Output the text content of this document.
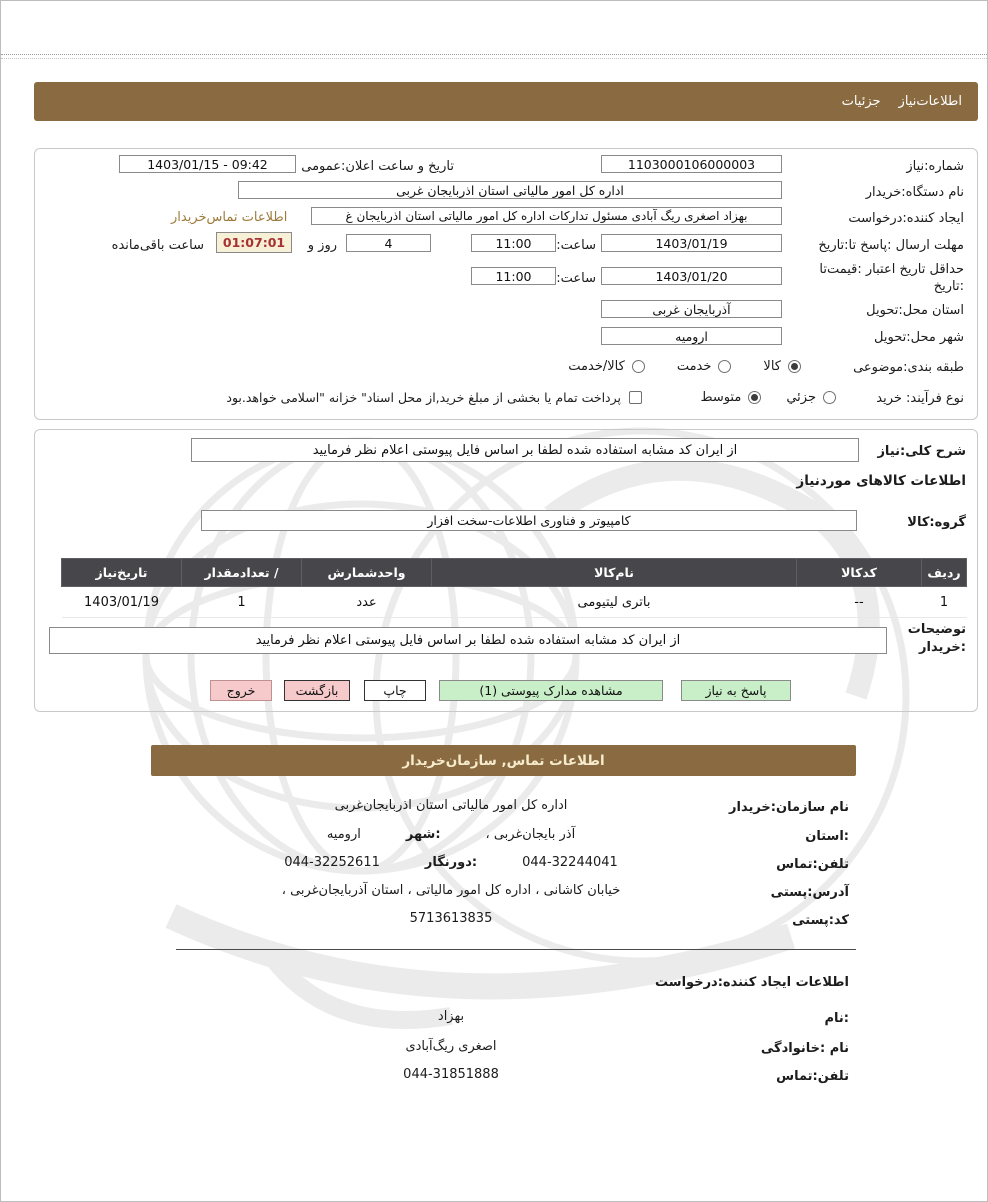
اطلاعات‌نیاز
جزئیات
شماره:نیاز
1103000106000003
تاریخ و ساعت اعلان:عمومی
1403/01/15 - 09:42
نام دستگاه:خریدار
اداره کل امور مالیاتی استان اذربایجان غربی
ایجاد کننده:درخواست
بهزاد اصغری ریگ آبادی مسئول تدارکات اداره کل امور مالیاتی استان اذربایجان غ
اطلاعات تماس‌خریدار
مهلت ارسال :پاسخ تا:تاریخ
1403/01/19
ساعت:
11:00
4
روز و
01:07:01
ساعت باقی‌مانده
حداقل تاریخ اعتبار :قیمت‌تا
:تاریخ
1403/01/20
ساعت:
11:00
استان محل:تحویل
آذربایجان غربی
شهر محل:تحویل
ارومیه
طبقه بندی:موضوعی
کالا
خدمت
کالا/خدمت
نوع فرآیند: خرید
جزئي
متوسط
پرداخت تمام یا بخشی از مبلغ خرید,از محل اسناد" خزانه "اسلامی خواهد.بود
شرح کلی:نیاز
از ایران کد مشابه استفاده شده لطفا بر اساس فایل پیوستی اعلام نظر فرمایید
اطلاعات کالاهای موردنیاز
گروه:کالا
کامپیوتر و فناوری اطلاعات-سخت افزار
ردیف	کدکالا	نام‌کالا	واحدشمارش	/ تعدادمقدار	تاریخ‌نیاز
1	--	باتری لیتیومی	عدد	1	1403/01/19
توضیحات
:خریدار
از ایران کد مشابه استفاده شده لطفا بر اساس فایل پیوستی اعلام نظر فرمایید
پاسخ به نیاز
مشاهده مدارک پیوستی (1)
چاپ
بازگشت
خروج
اطلاعات تماس, سازمان‌خریدار
نام سازمان:خریدار
اداره کل امور مالیاتی استان اذربایجان‌غربی
:استان
آذر بایجان‌غربی ،
:شهر
ارومیه
تلفن:تماس
044-32244041
:دورنگار
044-32252611
آدرس:پستی
خیابان کاشانی ، اداره کل امور مالیاتی ، استان آذربایجان‌غربی ،
کد:پستی
5713613835
اطلاعات ایجاد کننده:درخواست
:نام
بهزاد
نام :خانوادگی
اصغری ریگ‌آبادی
تلفن:تماس
044-31851888
